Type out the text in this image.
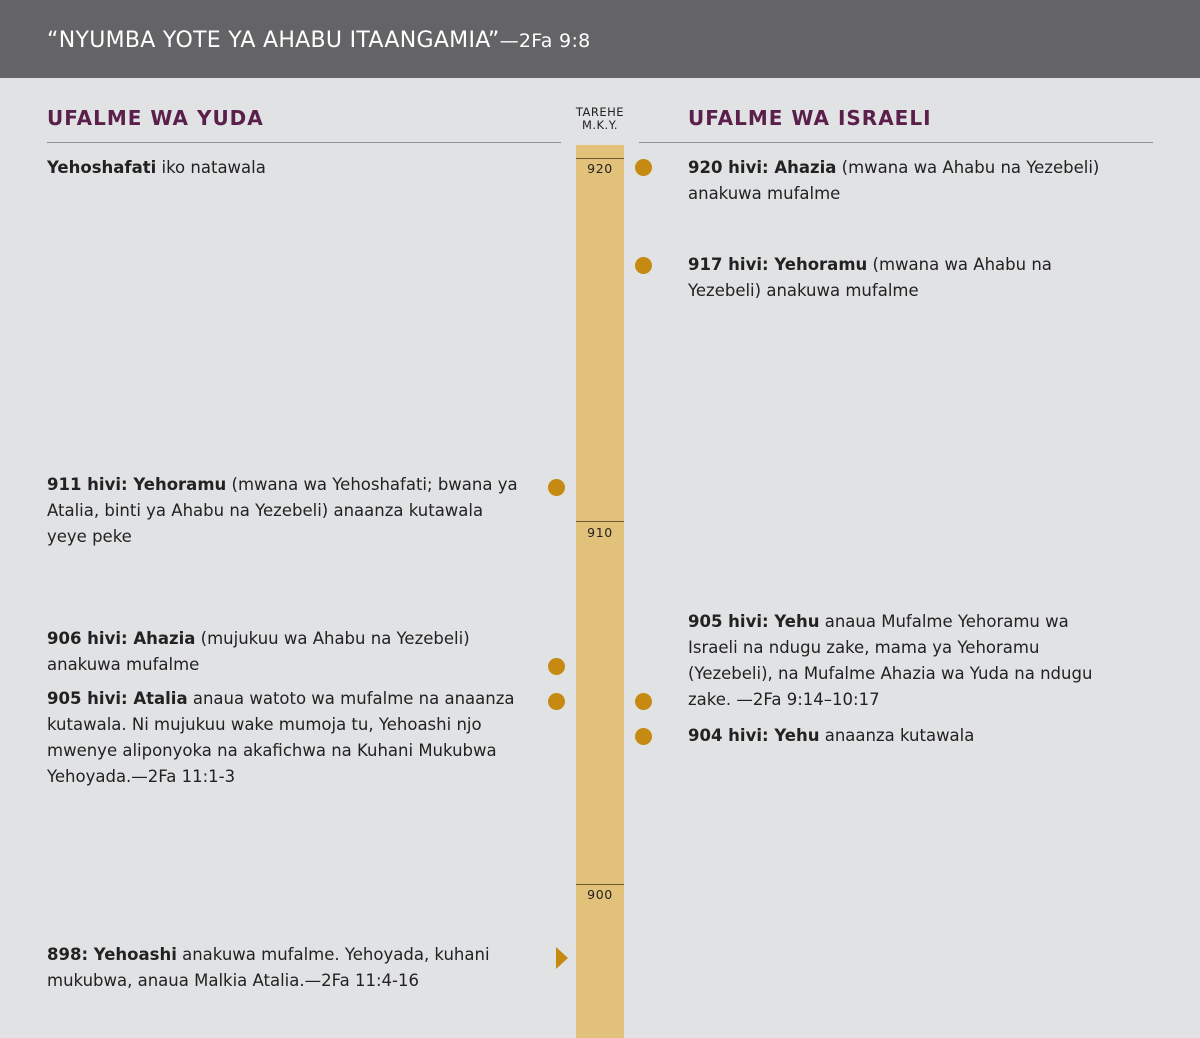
“NYUMBA YOTE YA AHABU ITAANGAMIA”—2Fa 9:8
UFALME WA YUDA	UFALME WA ISRAELI
TAREHE
M.K.Y.
920
910
900
Yehoshafati iko natawala
911 hivi: Yehoramu (mwana wa Yehoshafati; bwana ya Atalia, binti ya Ahabu na Yezebeli) anaanza kutawala yeye peke
906 hivi: Ahazia (mujukuu wa Ahabu na Yezebeli) anakuwa mufalme
905 hivi: Atalia anaua watoto wa mufalme na anaanza kutawala. Ni mujukuu wake mumoja tu, Yehoashi njo mwenye aliponyoka na akafichwa na Kuhani Mukubwa Yehoyada.—2Fa 11:1-3
898: Yehoashi anakuwa mufalme. Yehoyada, kuhani mukubwa, anaua Malkia Atalia.—2Fa 11:4-16
920 hivi: Ahazia (mwana wa Ahabu na Yezebeli) anakuwa mufalme
917 hivi: Yehoramu (mwana wa Ahabu na Yezebeli) anakuwa mufalme
905 hivi: Yehu anaua Mufalme Yehoramu wa Israeli na ndugu zake, mama ya Yehoramu (Yezebeli), na Mufalme Ahazia wa Yuda na ndugu zake. —2Fa 9:14–10:17
904 hivi: Yehu anaanza kutawala
